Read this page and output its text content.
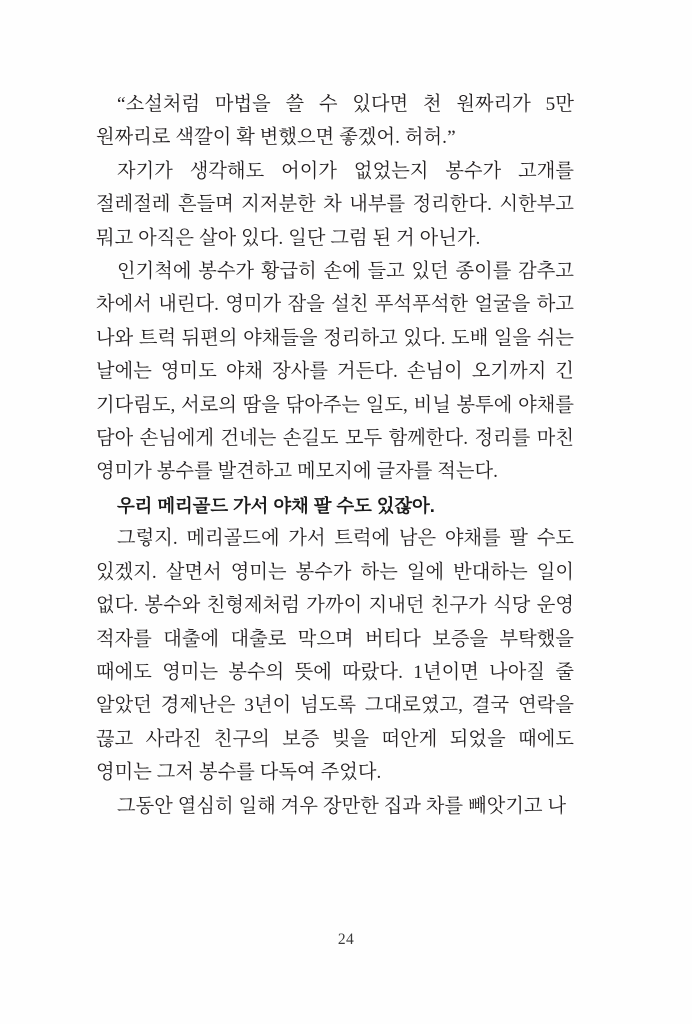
“소설처럼 마법을 쓸 수 있다면 천 원짜리가 5만 원짜리로 색깔이 확 변했으면 좋겠어. 허허.”

자기가 생각해도 어이가 없었는지 봉수가 고개를 절레절레 흔들며 지저분한 차 내부를 정리한다. 시한부고 뭐고 아직은 살아 있다. 일단 그럼 된 거 아닌가.

인기척에 봉수가 황급히 손에 들고 있던 종이를 감추고 차에서 내린다. 영미가 잠을 설친 푸석푸석한 얼굴을 하고 나와 트럭 뒤편의 야채들을 정리하고 있다. 도배 일을 쉬는 날에는 영미도 야채 장사를 거든다. 손님이 오기까지 긴 기다림도, 서로의 땀을 닦아주는 일도, 비닐 봉투에 야채를 담아 손님에게 건네는 손길도 모두 함께한다. 정리를 마친 영미가 봉수를 발견하고 메모지에 글자를 적는다.

우리 메리골드 가서 야채 팔 수도 있잖아.

그렇지. 메리골드에 가서 트럭에 남은 야채를 팔 수도 있겠지. 살면서 영미는 봉수가 하는 일에 반대하는 일이 없다. 봉수와 친형제처럼 가까이 지내던 친구가 식당 운영 적자를 대출에 대출로 막으며 버티다 보증을 부탁했을 때에도 영미는 봉수의 뜻에 따랐다. 1년이면 나아질 줄 알았던 경제난은 3년이 넘도록 그대로였고, 결국 연락을 끊고 사라진 친구의 보증 빚을 떠안게 되었을 때에도 영미는 그저 봉수를 다독여 주었다.

그동안 열심히 일해 겨우 장만한 집과 차를 빼앗기고 나

24
